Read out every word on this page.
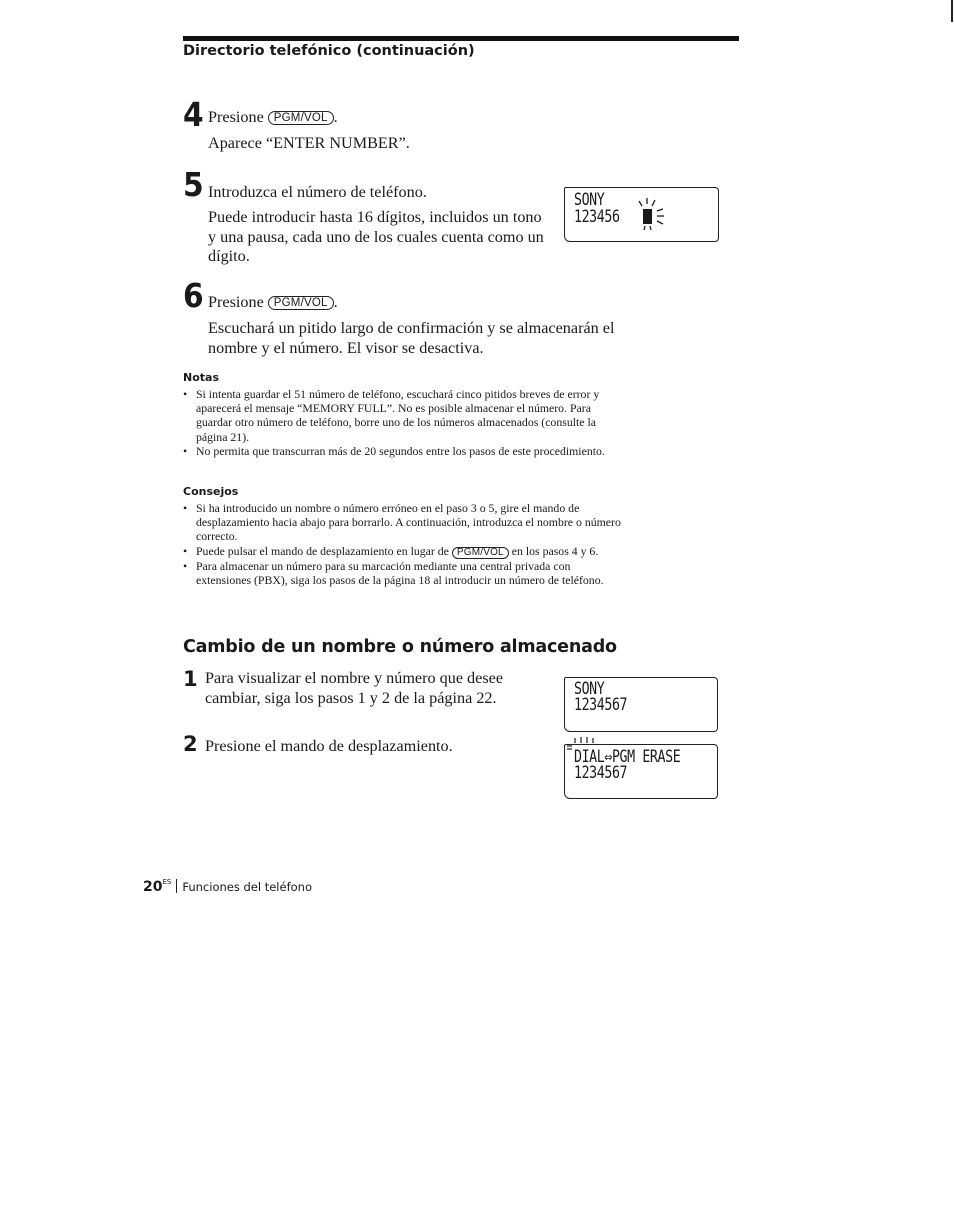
Directorio telefónico (continuación)
4 Presione PGM/VOL .
Aparece “ENTER NUMBER”.
5 Introduzca el número de teléfono.
Puede introducir hasta 16 dígitos, incluidos un tono y una pausa, cada uno de los cuales cuenta como un dígito.
SONY
123456
6 Presione PGM/VOL .
Escuchará un pitido largo de confirmación y se almacenarán el nombre y el número. El visor se desactiva.
Notas
• Si intenta guardar el 51 número de teléfono, escuchará cinco pitidos breves de error y aparecerá el mensaje “MEMORY FULL”. No es posible almacenar el número. Para guardar otro número de teléfono, borre uno de los números almacenados (consulte la página 21).
• No permita que transcurran más de 20 segundos entre los pasos de este procedimiento.
Consejos
• Si ha introducido un nombre o número erróneo en el paso 3 o 5, gire el mando de desplazamiento hacia abajo para borrarlo. A continuación, introduzca el nombre o número correcto.
• Puede pulsar el mando de desplazamiento en lugar de PGM/VOL en los pasos 4 y 6.
• Para almacenar un número para su marcación mediante una central privada con extensiones (PBX), siga los pasos de la página 18 al introducir un número de teléfono.
Cambio de un nombre o número almacenado
1 Para visualizar el nombre y número que desee cambiar, siga los pasos 1 y 2 de la página 22.
2 Presione el mando de desplazamiento.
SONY
1234567
DIAL⇔PGM ERASE
1234567
$20^{ES}$ Funciones del teléfono
